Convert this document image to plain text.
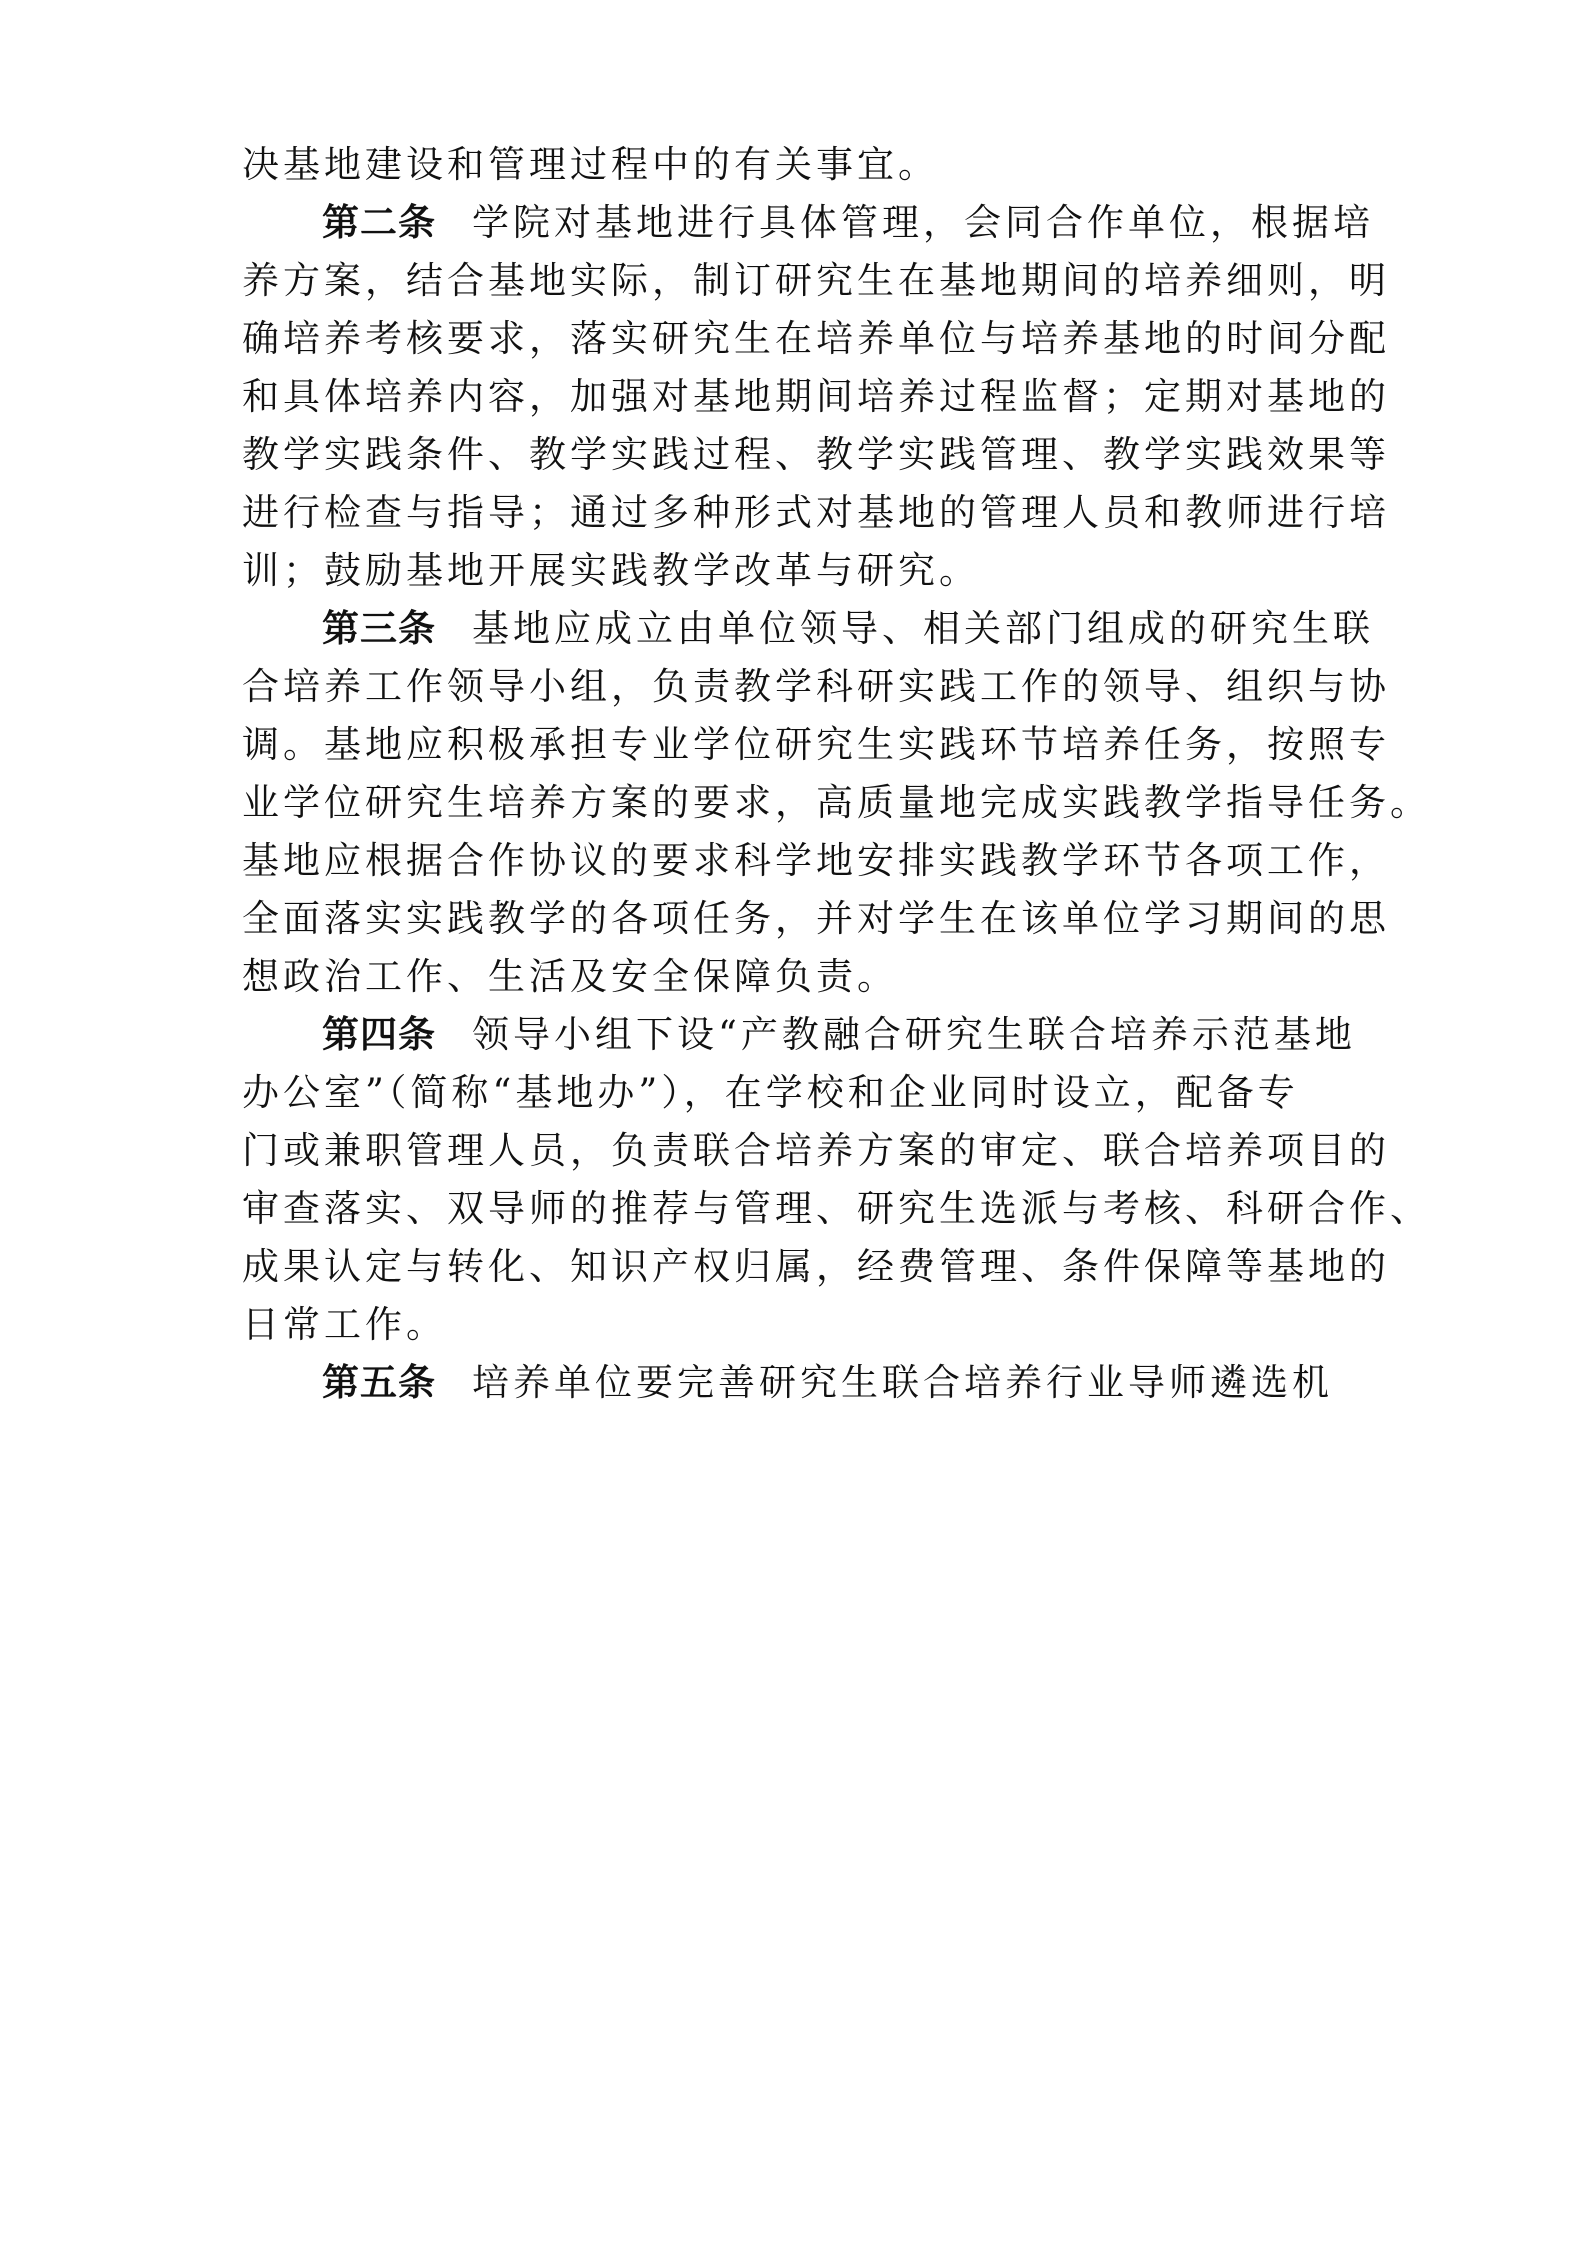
决基地建设和管理过程中的有关事宜。
第二条 学院对基地进行具体管理，会同合作单位，根据培
养方案，结合基地实际，制订研究生在基地期间的培养细则，明
确培养考核要求，落实研究生在培养单位与培养基地的时间分配
和具体培养内容，加强对基地期间培养过程监督；定期对基地的
教学实践条件、教学实践过程、教学实践管理、教学实践效果等
进行检查与指导；通过多种形式对基地的管理人员和教师进行培
训；鼓励基地开展实践教学改革与研究。
第三条 基地应成立由单位领导、相关部门组成的研究生联
合培养工作领导小组，负责教学科研实践工作的领导、组织与协
调。基地应积极承担专业学位研究生实践环节培养任务，按照专
业学位研究生培养方案的要求，高质量地完成实践教学指导任务。
基地应根据合作协议的要求科学地安排实践教学环节各项工作，
全面落实实践教学的各项任务，并对学生在该单位学习期间的思
想政治工作、生活及安全保障负责。
第四条 领导小组下设“产教融合研究生联合培养示范基地
办公室”（简称“基地办”），在学校和企业同时设立，配备专
门或兼职管理人员，负责联合培养方案的审定、联合培养项目的
审查落实、双导师的推荐与管理、研究生选派与考核、科研合作、
成果认定与转化、知识产权归属，经费管理、条件保障等基地的
日常工作。
第五条 培养单位要完善研究生联合培养行业导师遴选机
